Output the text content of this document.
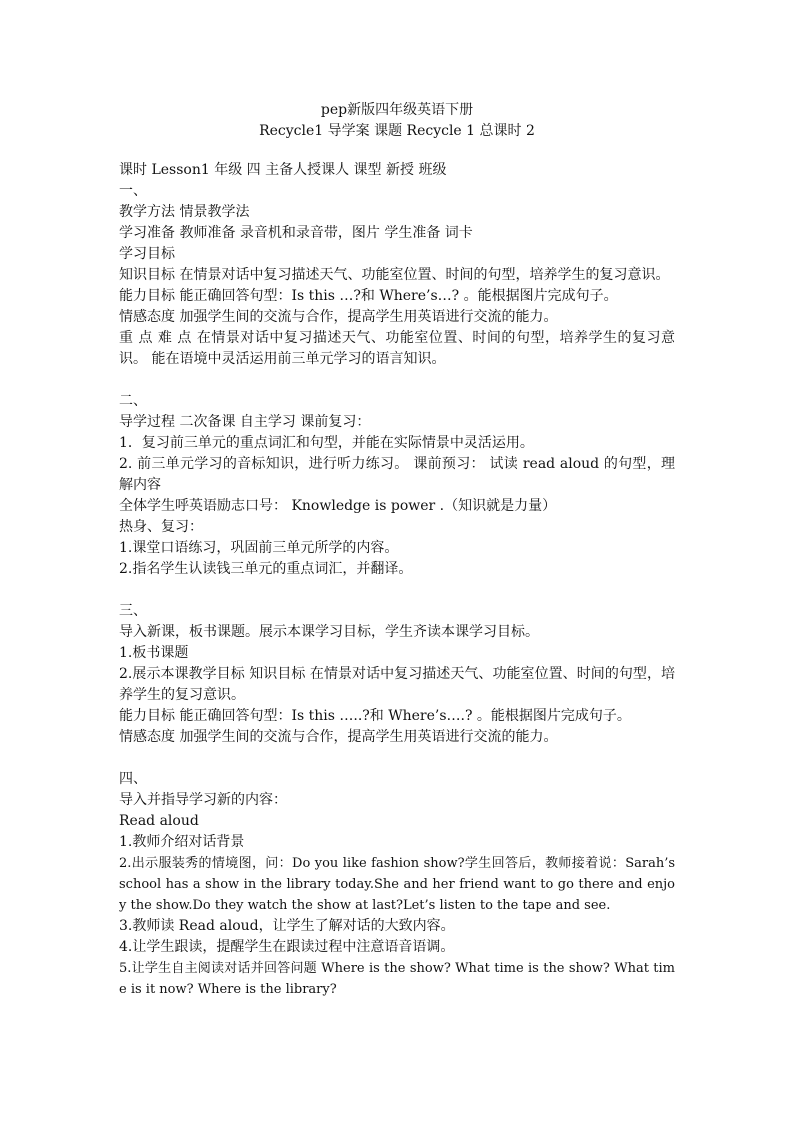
pep新版四年级英语下册
Recycle1 导学案 课题 Recycle 1 总课时 2
课时 Lesson1 年级 四 主备人授课人 课型 新授 班级
一、
教学方法 情景教学法
学习准备 教师准备 录音机和录音带，图片 学生准备 词卡
学习目标
知识目标 在情景对话中复习描述天气、功能室位置、时间的句型，培养学生的复习意识。
能力目标 能正确回答句型：Is this …?和 Where’s…? 。能根据图片完成句子。
情感态度 加强学生间的交流与合作，提高学生用英语进行交流的能力。
重 点 难 点 在情景对话中复习描述天气、功能室位置、时间的句型，培养学生的复习意识。 能在语境中灵活运用前三单元学习的语言知识。
二、
导学过程 二次备课 自主学习 课前复习：
1．复习前三单元的重点词汇和句型，并能在实际情景中灵活运用。
2. 前三单元学习的音标知识，进行听力练习。 课前预习： 试读 read aloud 的句型，理解内容
全体学生呼英语励志口号： Knowledge is power .（知识就是力量）
热身、复习：
1.课堂口语练习，巩固前三单元所学的内容。
2.指名学生认读钱三单元的重点词汇，并翻译。
三、
导入新课，板书课题。展示本课学习目标，学生齐读本课学习目标。
1.板书课题
2.展示本课教学目标 知识目标 在情景对话中复习描述天气、功能室位置、时间的句型，培养学生的复习意识。
能力目标 能正确回答句型：Is this …..?和 Where’s….? 。能根据图片完成句子。
情感态度 加强学生间的交流与合作，提高学生用英语进行交流的能力。
四、
导入并指导学习新的内容：
Read aloud
1.教师介绍对话背景
2.出示服装秀的情境图，问：Do you like fashion show?学生回答后，教师接着说：Sarah’s school has a show in the library today.She and her friend want to go there and enjoy the show.Do they watch the show at last?Let’s listen to the tape and see.
3.教师读 Read aloud，让学生了解对话的大致内容。
4.让学生跟读，提醒学生在跟读过程中注意语音语调。
5.让学生自主阅读对话并回答问题 Where is the show? What time is the show? What time is it now? Where is the library?
